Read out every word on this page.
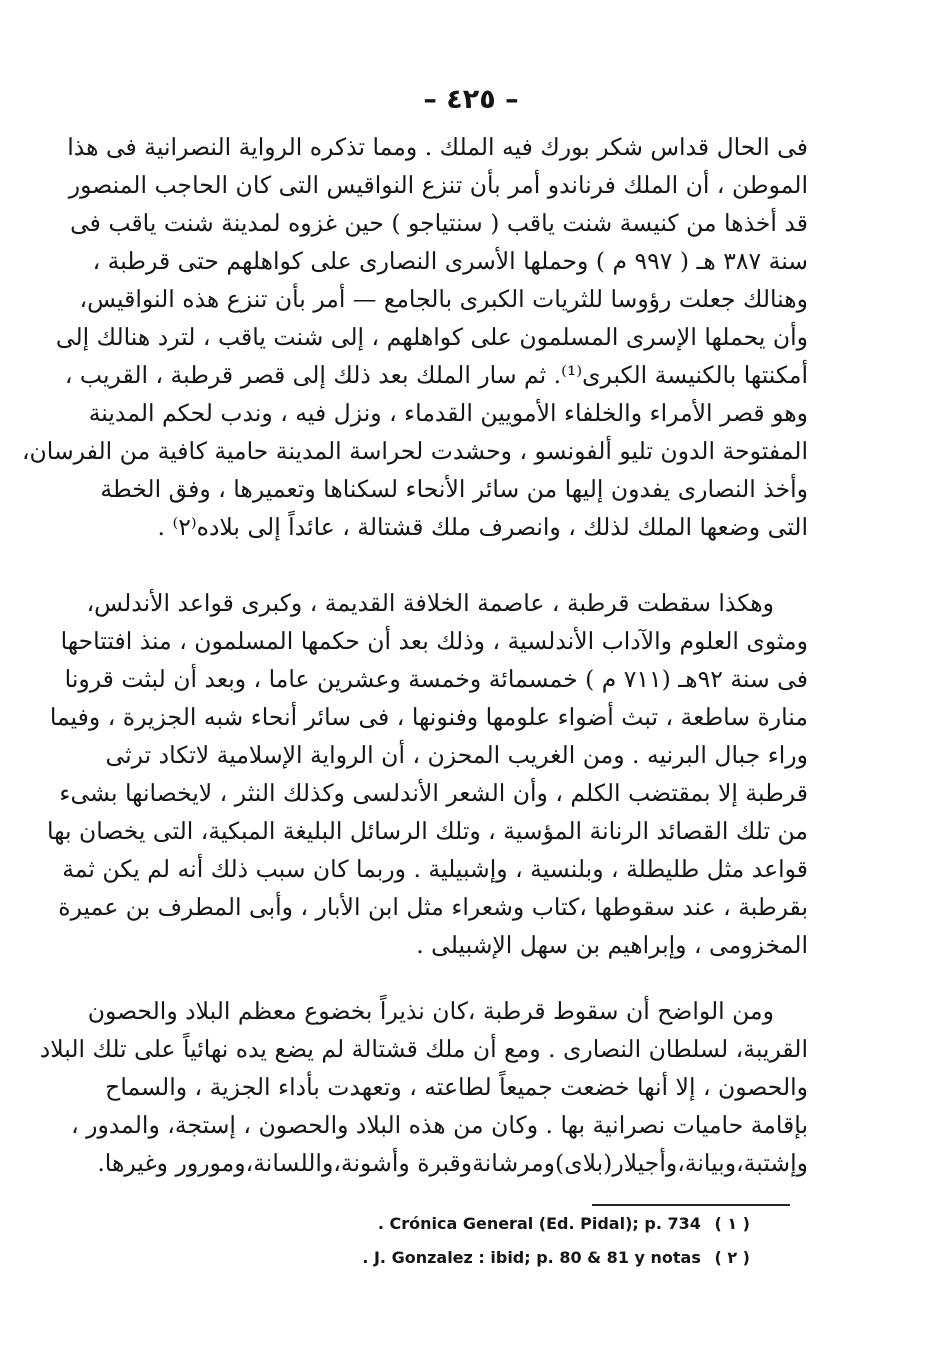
– ٤٢٥ –
فى الحال قداس شكر بورك فيه الملك . ومما تذكره الرواية النصرانية فى هذا
الموطن ، أن الملك فرناندو أمر بأن تنزع النواقيس التى كان الحاجب المنصور
قد أخذها من كنيسة شنت ياقب ( سنتياجو ) حين غزوه لمدينة شنت ياقب فى
سنة ٣٨٧ هـ ( ٩٩٧ م ) وحملها الأسرى النصارى على كواهلهم حتى قرطبة ،
وهنالك جعلت رؤوسا للثريات الكبرى بالجامع — أمر بأن تنزع هذه النواقيس،
وأن يحملها الإسرى المسلمون على كواهلهم ، إلى شنت ياقب ، لترد هنالك إلى
أمكنتها بالكنيسة الكبرى⁽¹⁾. ثم سار الملك بعد ذلك إلى قصر قرطبة ، القريب ،
وهو قصر الأمراء والخلفاء الأمويين القدماء ، ونزل فيه ، وندب لحكم المدينة
المفتوحة الدون تليو ألفونسو ، وحشدت لحراسة المدينة حامية كافية من الفرسان،
وأخذ النصارى يفدون إليها من سائر الأنحاء لسكناها وتعميرها ، وفق الخطة
التى وضعها الملك لذلك ، وانصرف ملك قشتالة ، عائداً إلى بلاده⁽٢⁾ .
وهكذا سقطت قرطبة ، عاصمة الخلافة القديمة ، وكبرى قواعد الأندلس،
ومثوى العلوم والآداب الأندلسية ، وذلك بعد أن حكمها المسلمون ، منذ افتتاحها
فى سنة ٩٢هـ (٧١١ م ) خمسمائة وخمسة وعشرين عاما ، وبعد أن لبثت قرونا
منارة ساطعة ، تبث أضواء علومها وفنونها ، فى سائر أنحاء شبه الجزيرة ، وفيما
وراء جبال البرنيه . ومن الغريب المحزن ، أن الرواية الإسلامية لاتكاد ترثى
قرطبة إلا بمقتضب الكلم ، وأن الشعر الأندلسى وكذلك النثر ، لايخصانها بشىء
من تلك القصائد الرنانة المؤسية ، وتلك الرسائل البليغة المبكية، التى يخصان بها
قواعد مثل طليطلة ، وبلنسية ، وإشبيلية . وربما كان سبب ذلك أنه لم يكن ثمة
بقرطبة ، عند سقوطها ،كتاب وشعراء مثل ابن الأبار ، وأبى المطرف بن عميرة
المخزومى ، وإبراهيم بن سهل الإشبيلى .
ومن الواضح أن سقوط قرطبة ،كان نذيراً بخضوع معظم البلاد والحصون
القريبة، لسلطان النصارى . ومع أن ملك قشتالة لم يضع يده نهائياً على تلك البلاد
والحصون ، إلا أنها خضعت جميعاً لطاعته ، وتعهدت بأداء الجزية ، والسماح
بإقامة حاميات نصرانية بها . وكان من هذه البلاد والحصون ، إستجة، والمدور ،
وإشتبة،وبيانة،وأجيلار(بلاى)ومرشانةوقبرة وأشونة،واللسانة،ومورور وغيرها.
. Crónica General (Ed. Pidal); p. 734 ( ١ )
. J. Gonzalez : ibid; p. 80 & 81 y notas ( ٢ )
